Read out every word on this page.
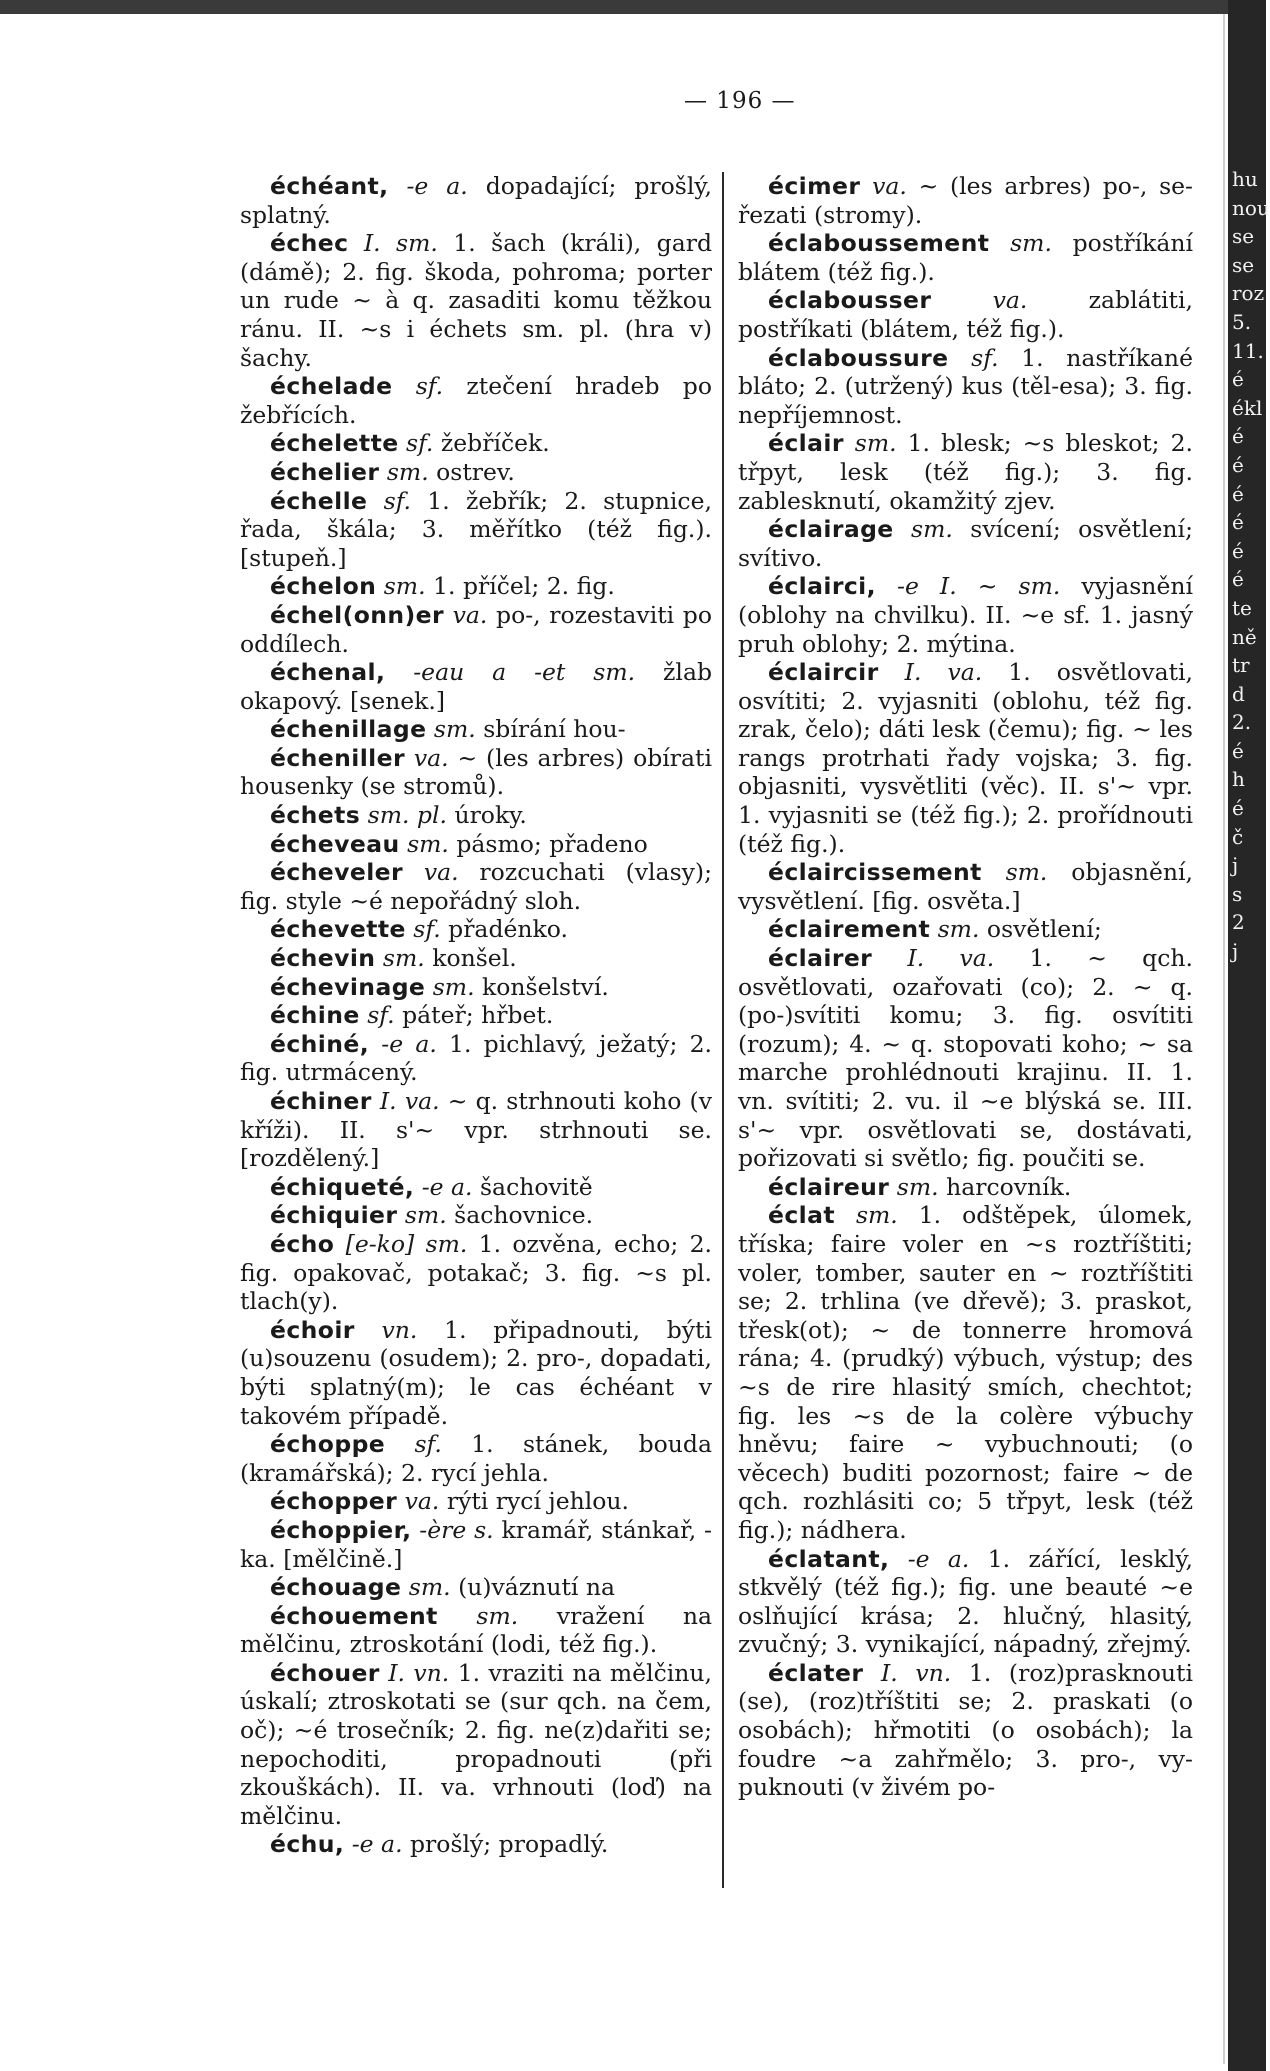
— 196 —

échéant, -e a. dopadající; prošlý, splatný.

échec I. sm. 1. šach (králi), gard (dámě); 2. fig. škoda, pohroma; porter un rude ~ à q. zasaditi komu těžkou ránu. II. ~s i échets sm. pl. (hra v) šachy.

échelade sf. ztečení hradeb po žebřících.

échelette sf. žebříček.

échelier sm. ostrev.

échelle sf. 1. žebřík; 2. stupnice, řada, škála; 3. měřítko (též fig.). [stupeň.]

échelon sm. 1. příčel; 2. fig.

échel(onn)er va. po-, rozestaviti po oddílech.

échenal, -eau a -et sm. žlab okapový. [senek.]

échenillage sm. sbírání hou-

écheniller va. ~ (les arbres) obírati housenky (se stromů).

échets sm. pl. úroky.

écheveau sm. pásmo; přadeno

écheveler va. rozcuchati (vlasy); fig. style ~é nepořádný sloh.

échevette sf. přadénko.

échevin sm. konšel.

échevinage sm. konšelství.

échine sf. páteř; hřbet.

échiné, -e a. 1. pichlavý, ježatý; 2. fig. utrmácený.

échiner I. va. ~ q. strhnouti koho (v kříži). II. s'~ vpr. strhnouti se. [rozdělený.]

échiqueté, -e a. šachovitě

échiquier sm. šachovnice.

écho [e-ko] sm. 1. ozvěna, echo; 2. fig. opakovač, potakač; 3. fig. ~s pl. tlach(y).

échoir vn. 1. připadnouti, býti (u)souzenu (osudem); 2. pro-, dopadati, býti splatný(m); le cas échéant v takovém případě.

échoppe sf. 1. stánek, bouda (kramářská); 2. rycí jehla.

échopper va. rýti rycí jehlou.

échoppier, -ère s. kramář, stánkař, -ka. [mělčině.]

échouage sm. (u)váznutí na

échouement sm. vražení na mělčinu, ztroskotání (lodi, též fig.).

échouer I. vn. 1. vraziti na mělčinu, úskalí; ztroskotati se (sur qch. na čem, oč); ~é trosečník; 2. fig. ne(z)dařiti se; nepochoditi, propadnouti (při zkouškách). II. va. vrhnouti (loď) na mělčinu.

échu, -e a. prošlý; propadlý.

écimer va. ~ (les arbres) po-, se-řezati (stromy).

éclaboussement sm. postříkání blátem (též fig.).

éclabousser va. zablátiti, postříkati (blátem, též fig.).

éclaboussure sf. 1. nastříkané bláto; 2. (utržený) kus (těl-esa); 3. fig. nepříjemnost.

éclair sm. 1. blesk; ~s bleskot; 2. třpyt, lesk (též fig.); 3. fig. zablesknutí, okamžitý zjev.

éclairage sm. svícení; osvětlení; svítivo.

éclairci, -e I. ~ sm. vyjasnění (oblohy na chvilku). II. ~e sf. 1. jasný pruh oblohy; 2. mýtina.

éclaircir I. va. 1. osvětlovati, osvítiti; 2. vyjasniti (oblohu, též fig. zrak, čelo); dáti lesk (čemu); fig. ~ les rangs protrhati řady vojska; 3. fig. objasniti, vysvětliti (věc). II. s'~ vpr. 1. vyjasniti se (též fig.); 2. prořídnouti (též fig.).

éclaircissement sm. objasnění, vysvětlení. [fig. osvěta.]

éclairement sm. osvětlení;

éclairer I. va. 1. ~ qch. osvětlovati, ozařovati (co); 2. ~ q. (po-)svítiti komu; 3. fig. osvítiti (rozum); 4. ~ q. stopovati koho; ~ sa marche prohlédnouti krajinu. II. 1. vn. svítiti; 2. vu. il ~e blýská se. III. s'~ vpr. osvětlovati se, dostávati, pořizovati si světlo; fig. poučiti se.

éclaireur sm. harcovník.

éclat sm. 1. odštěpek, úlomek, tříska; faire voler en ~s roztříštiti; voler, tomber, sauter en ~ roztříštiti se; 2. trhlina (ve dřevě); 3. praskot, třesk(ot); ~ de tonnerre hromová rána; 4. (prudký) výbuch, výstup; des ~s de rire hlasitý smích, chechtot; fig. les ~s de la colère výbuchy hněvu; faire ~ vybuchnouti; (o věcech) buditi pozornost; faire ~ de qch. rozhlásiti co; 5 třpyt, lesk (též fig.); nádhera.

éclatant, -e a. 1. zářící, lesklý, stkvělý (též fig.); fig. une beauté ~e oslňující krása; 2. hlučný, hlasitý, zvučný; 3. vynikající, nápadný, zřejmý.

éclater I. vn. 1. (roz)prasknouti (se), (roz)tříštiti se; 2. praskati (o osobách); hřmotiti (o osobách); la foudre ~a zahřmělo; 3. pro-, vy-puknouti (v živém po-

hu
nou
se
se
roz
5.
11.
é
ékl
é
é
é
é
é
é
te
ně
tr
d
2.
é
h
é
č
j
s
2
j
